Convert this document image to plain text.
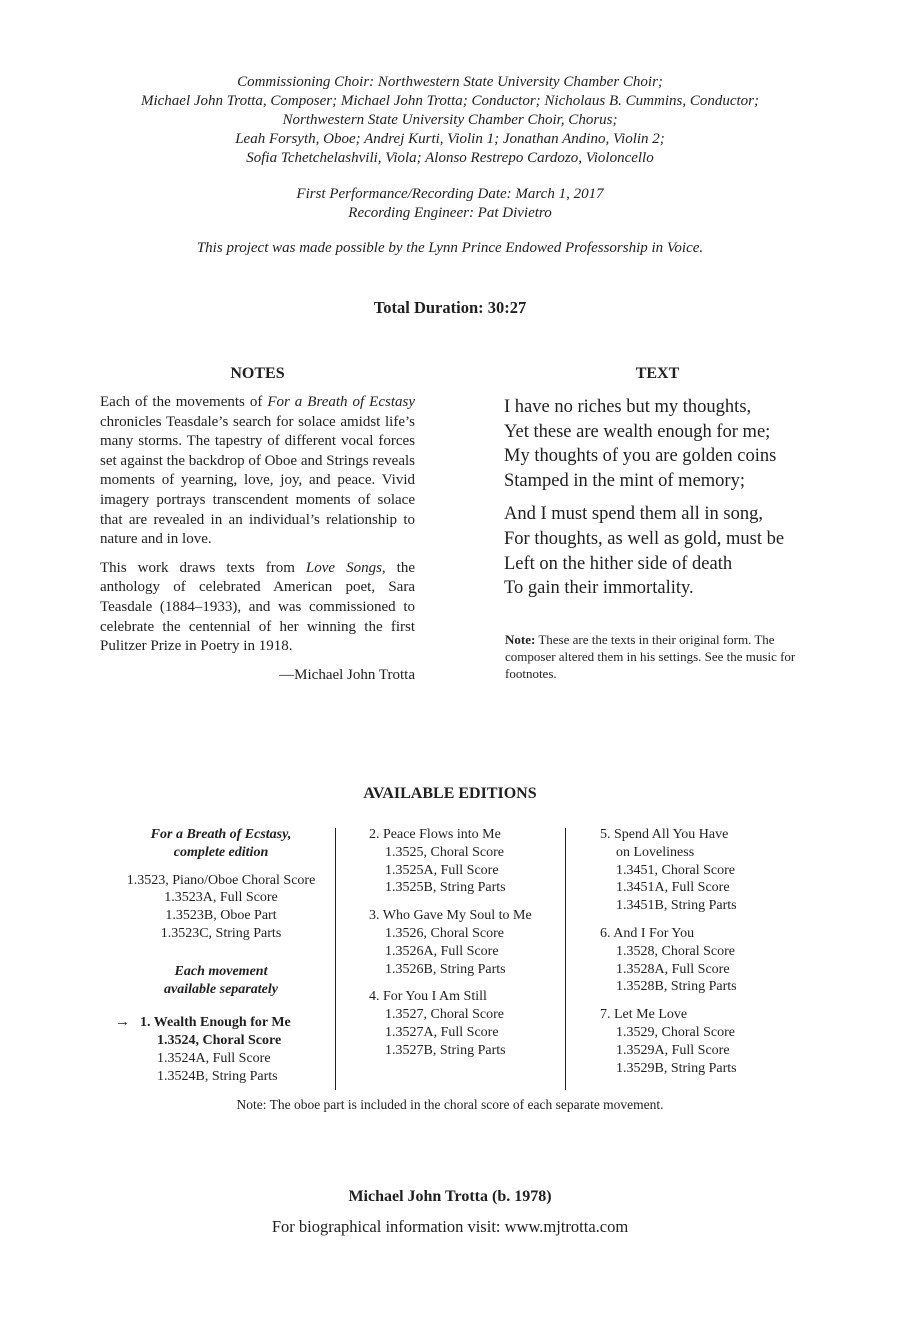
Commissioning Choir: Northwestern State University Chamber Choir;
Michael John Trotta, Composer; Michael John Trotta; Conductor; Nicholaus B. Cummins, Conductor;
Northwestern State University Chamber Choir, Chorus;
Leah Forsyth, Oboe; Andrej Kurti, Violin 1; Jonathan Andino, Violin 2;
Sofia Tchetchelashvili, Viola; Alonso Restrepo Cardozo, Violoncello
First Performance/Recording Date: March 1, 2017
Recording Engineer: Pat Divietro
This project was made possible by the Lynn Prince Endowed Professorship in Voice.
Total Duration: 30:27
NOTES

Each of the movements of For a Breath of Ecstasy chronicles Teasdale’s search for solace amidst life’s many storms. The tapestry of different vocal forces set against the backdrop of Oboe and Strings reveals moments of yearning, love, joy, and peace. Vivid imagery portrays transcendent moments of solace that are revealed in an individual’s relationship to nature and in love.

This work draws texts from Love Songs, the anthology of celebrated American poet, Sara Teasdale (1884–1933), and was commissioned to celebrate the centennial of her winning the first Pulitzer Prize in Poetry in 1918.

—Michael John Trotta

TEXT
I have no riches but my thoughts,
Yet these are wealth enough for me;
My thoughts of you are golden coins
Stamped in the mint of memory;
And I must spend them all in song,
For thoughts, as well as gold, must be
Left on the hither side of death
To gain their immortality.
Note: These are the texts in their original form. The composer altered them in his settings. See the music for footnotes.
AVAILABLE EDITIONS
For a Breath of Ecstasy,
complete edition
1.3523, Piano/Oboe Choral Score
1.3523A, Full Score
1.3523B, Oboe Part
1.3523C, String Parts
Each movement
available separately
→ 1. Wealth Enough for Me
1.3524, Choral Score
1.3524A, Full Score
1.3524B, String Parts
2. Peace Flows into Me
1.3525, Choral Score
1.3525A, Full Score
1.3525B, String Parts
3. Who Gave My Soul to Me
1.3526, Choral Score
1.3526A, Full Score
1.3526B, String Parts
4. For You I Am Still
1.3527, Choral Score
1.3527A, Full Score
1.3527B, String Parts
5. Spend All You Have
on Loveliness
1.3451, Choral Score
1.3451A, Full Score
1.3451B, String Parts
6. And I For You
1.3528, Choral Score
1.3528A, Full Score
1.3528B, String Parts
7. Let Me Love
1.3529, Choral Score
1.3529A, Full Score
1.3529B, String Parts
Note: The oboe part is included in the choral score of each separate movement.
Michael John Trotta (b. 1978)
For biographical information visit: www.mjtrotta.com
